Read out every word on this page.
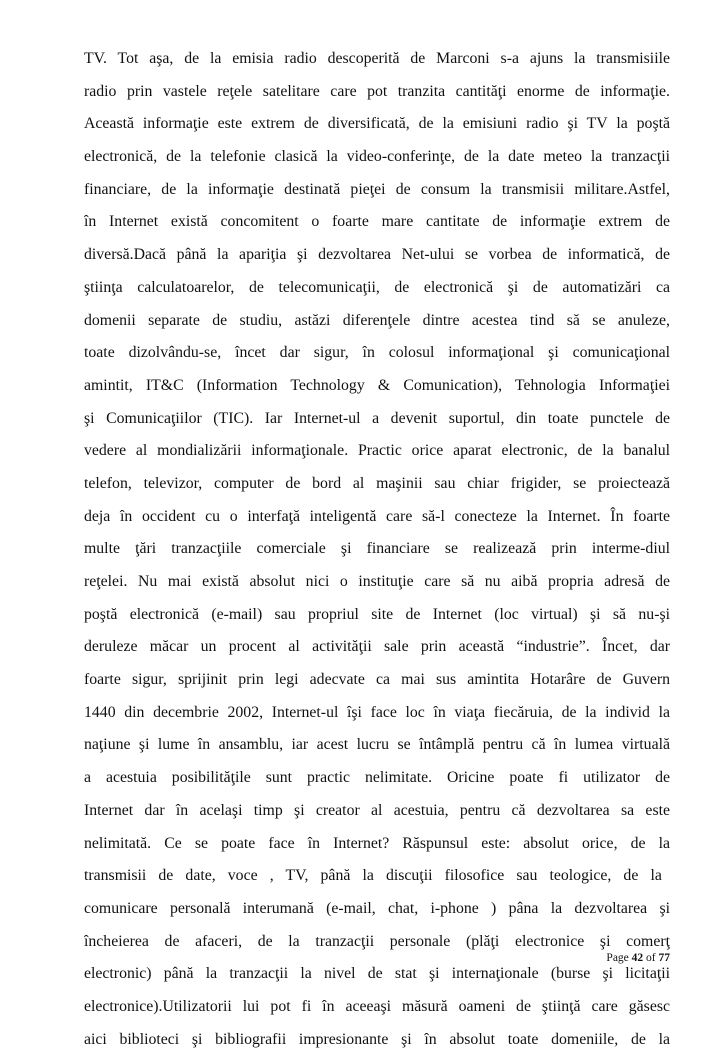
TV. Tot aşa, de la emisia radio descoperită de Marconi s-a ajuns la transmisiile
radio prin vastele reţele satelitare care pot tranzita cantităţi enorme de informaţie.
Această informaţie este extrem de diversificată, de la emisiuni radio şi TV la poştă
electronică, de la telefonie clasică la video-conferinţe, de la date meteo la tranzacţii
financiare, de la informaţie destinată pieţei de consum la transmisii militare.Astfel,
în Internet există concomitent o foarte mare cantitate de informaţie extrem de
diversă.Dacă până la apariţia şi dezvoltarea Net-ului se vorbea de informatică, de
ştiinţa calculatoarelor, de telecomunicaţii, de electronică şi de automatizări ca
domenii separate de studiu, astăzi diferenţele dintre acestea tind să se anuleze,
toate dizolvându-se, încet dar sigur, în colosul informaţional şi comunicaţional
amintit, IT&C (Information Technology & Comunication), Tehnologia Informaţiei
şi Comunicaţiilor (TIC). Iar Internet-ul a devenit suportul, din toate punctele de
vedere al mondializării informaţionale. Practic orice aparat electronic, de la banalul
telefon, televizor, computer de bord al maşinii sau chiar frigider, se proiectează
deja în occident cu o interfaţă inteligentă care să-l conecteze la Internet. În foarte
multe ţări tranzacţiile comerciale şi financiare se realizează prin interme-diul
reţelei. Nu mai există absolut nici o instituţie care să nu aibă propria adresă de
poştă electronică (e-mail) sau propriul site de Internet (loc virtual) şi să nu-şi
deruleze măcar un procent al activităţii sale prin această “industrie”. Încet, dar
foarte sigur, sprijinit prin legi adecvate ca mai sus amintita Hotarâre de Guvern
1440 din decembrie 2002, Internet-ul îşi face loc în viaţa fiecăruia, de la individ la
naţiune şi lume în ansamblu, iar acest lucru se întâmplă pentru că în lumea virtuală
a acestuia posibilităţile sunt practic nelimitate. Oricine poate fi utilizator de
Internet dar în acelaşi timp şi creator al acestuia, pentru că dezvoltarea sa este
nelimitată. Ce se poate face în Internet? Răspunsul este: absolut orice, de la
transmisii de date, voce , TV, până la discuţii filosofice sau teologice, de la
comunicare personală interumană (e-mail, chat, i-phone ) pâna la dezvoltarea şi
încheierea de afaceri, de la tranzacţii personale (plăţi electronice şi comerţ
electronic) până la tranzacţii la nivel de stat şi internaţionale (burse şi licitaţii
electronice).Utilizatorii lui pot fi în aceeaşi măsură oameni de ştiinţă care găsesc
aici biblioteci şi bibliografii impresionante şi în absolut toate domeniile, de la
Page 42 of 77
